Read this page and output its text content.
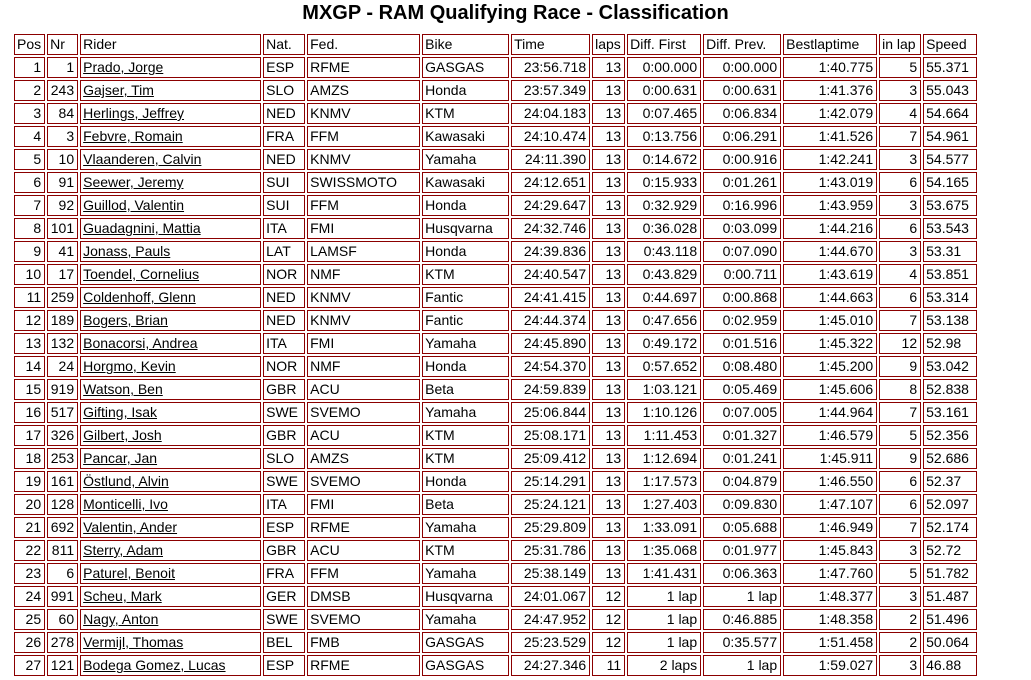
MXGP - RAM Qualifying Race - Classification
Pos	Nr	Rider	Nat.	Fed.	Bike	Time	laps	Diff. First	Diff. Prev.	Bestlaptime	in lap	Speed
1	1	Prado, Jorge	ESP	RFME	GASGAS	23:56.718	13	0:00.000	0:00.000	1:40.775	5	55.371
2	243	Gajser, Tim	SLO	AMZS	Honda	23:57.349	13	0:00.631	0:00.631	1:41.376	3	55.043
3	84	Herlings, Jeffrey	NED	KNMV	KTM	24:04.183	13	0:07.465	0:06.834	1:42.079	4	54.664
4	3	Febvre, Romain	FRA	FFM	Kawasaki	24:10.474	13	0:13.756	0:06.291	1:41.526	7	54.961
5	10	Vlaanderen, Calvin	NED	KNMV	Yamaha	24:11.390	13	0:14.672	0:00.916	1:42.241	3	54.577
6	91	Seewer, Jeremy	SUI	SWISSMOTO	Kawasaki	24:12.651	13	0:15.933	0:01.261	1:43.019	6	54.165
7	92	Guillod, Valentin	SUI	FFM	Honda	24:29.647	13	0:32.929	0:16.996	1:43.959	3	53.675
8	101	Guadagnini, Mattia	ITA	FMI	Husqvarna	24:32.746	13	0:36.028	0:03.099	1:44.216	6	53.543
9	41	Jonass, Pauls	LAT	LAMSF	Honda	24:39.836	13	0:43.118	0:07.090	1:44.670	3	53.31
10	17	Toendel, Cornelius	NOR	NMF	KTM	24:40.547	13	0:43.829	0:00.711	1:43.619	4	53.851
11	259	Coldenhoff, Glenn	NED	KNMV	Fantic	24:41.415	13	0:44.697	0:00.868	1:44.663	6	53.314
12	189	Bogers, Brian	NED	KNMV	Fantic	24:44.374	13	0:47.656	0:02.959	1:45.010	7	53.138
13	132	Bonacorsi, Andrea	ITA	FMI	Yamaha	24:45.890	13	0:49.172	0:01.516	1:45.322	12	52.98
14	24	Horgmo, Kevin	NOR	NMF	Honda	24:54.370	13	0:57.652	0:08.480	1:45.200	9	53.042
15	919	Watson, Ben	GBR	ACU	Beta	24:59.839	13	1:03.121	0:05.469	1:45.606	8	52.838
16	517	Gifting, Isak	SWE	SVEMO	Yamaha	25:06.844	13	1:10.126	0:07.005	1:44.964	7	53.161
17	326	Gilbert, Josh	GBR	ACU	KTM	25:08.171	13	1:11.453	0:01.327	1:46.579	5	52.356
18	253	Pancar, Jan	SLO	AMZS	KTM	25:09.412	13	1:12.694	0:01.241	1:45.911	9	52.686
19	161	Östlund, Alvin	SWE	SVEMO	Honda	25:14.291	13	1:17.573	0:04.879	1:46.550	6	52.37
20	128	Monticelli, Ivo	ITA	FMI	Beta	25:24.121	13	1:27.403	0:09.830	1:47.107	6	52.097
21	692	Valentin, Ander	ESP	RFME	Yamaha	25:29.809	13	1:33.091	0:05.688	1:46.949	7	52.174
22	811	Sterry, Adam	GBR	ACU	KTM	25:31.786	13	1:35.068	0:01.977	1:45.843	3	52.72
23	6	Paturel, Benoit	FRA	FFM	Yamaha	25:38.149	13	1:41.431	0:06.363	1:47.760	5	51.782
24	991	Scheu, Mark	GER	DMSB	Husqvarna	24:01.067	12	1 lap	1 lap	1:48.377	3	51.487
25	60	Nagy, Anton	SWE	SVEMO	Yamaha	24:47.952	12	1 lap	0:46.885	1:48.358	2	51.496
26	278	Vermijl, Thomas	BEL	FMB	GASGAS	25:23.529	12	1 lap	0:35.577	1:51.458	2	50.064
27	121	Bodega Gomez, Lucas	ESP	RFME	GASGAS	24:27.346	11	2 laps	1 lap	1:59.027	3	46.88
